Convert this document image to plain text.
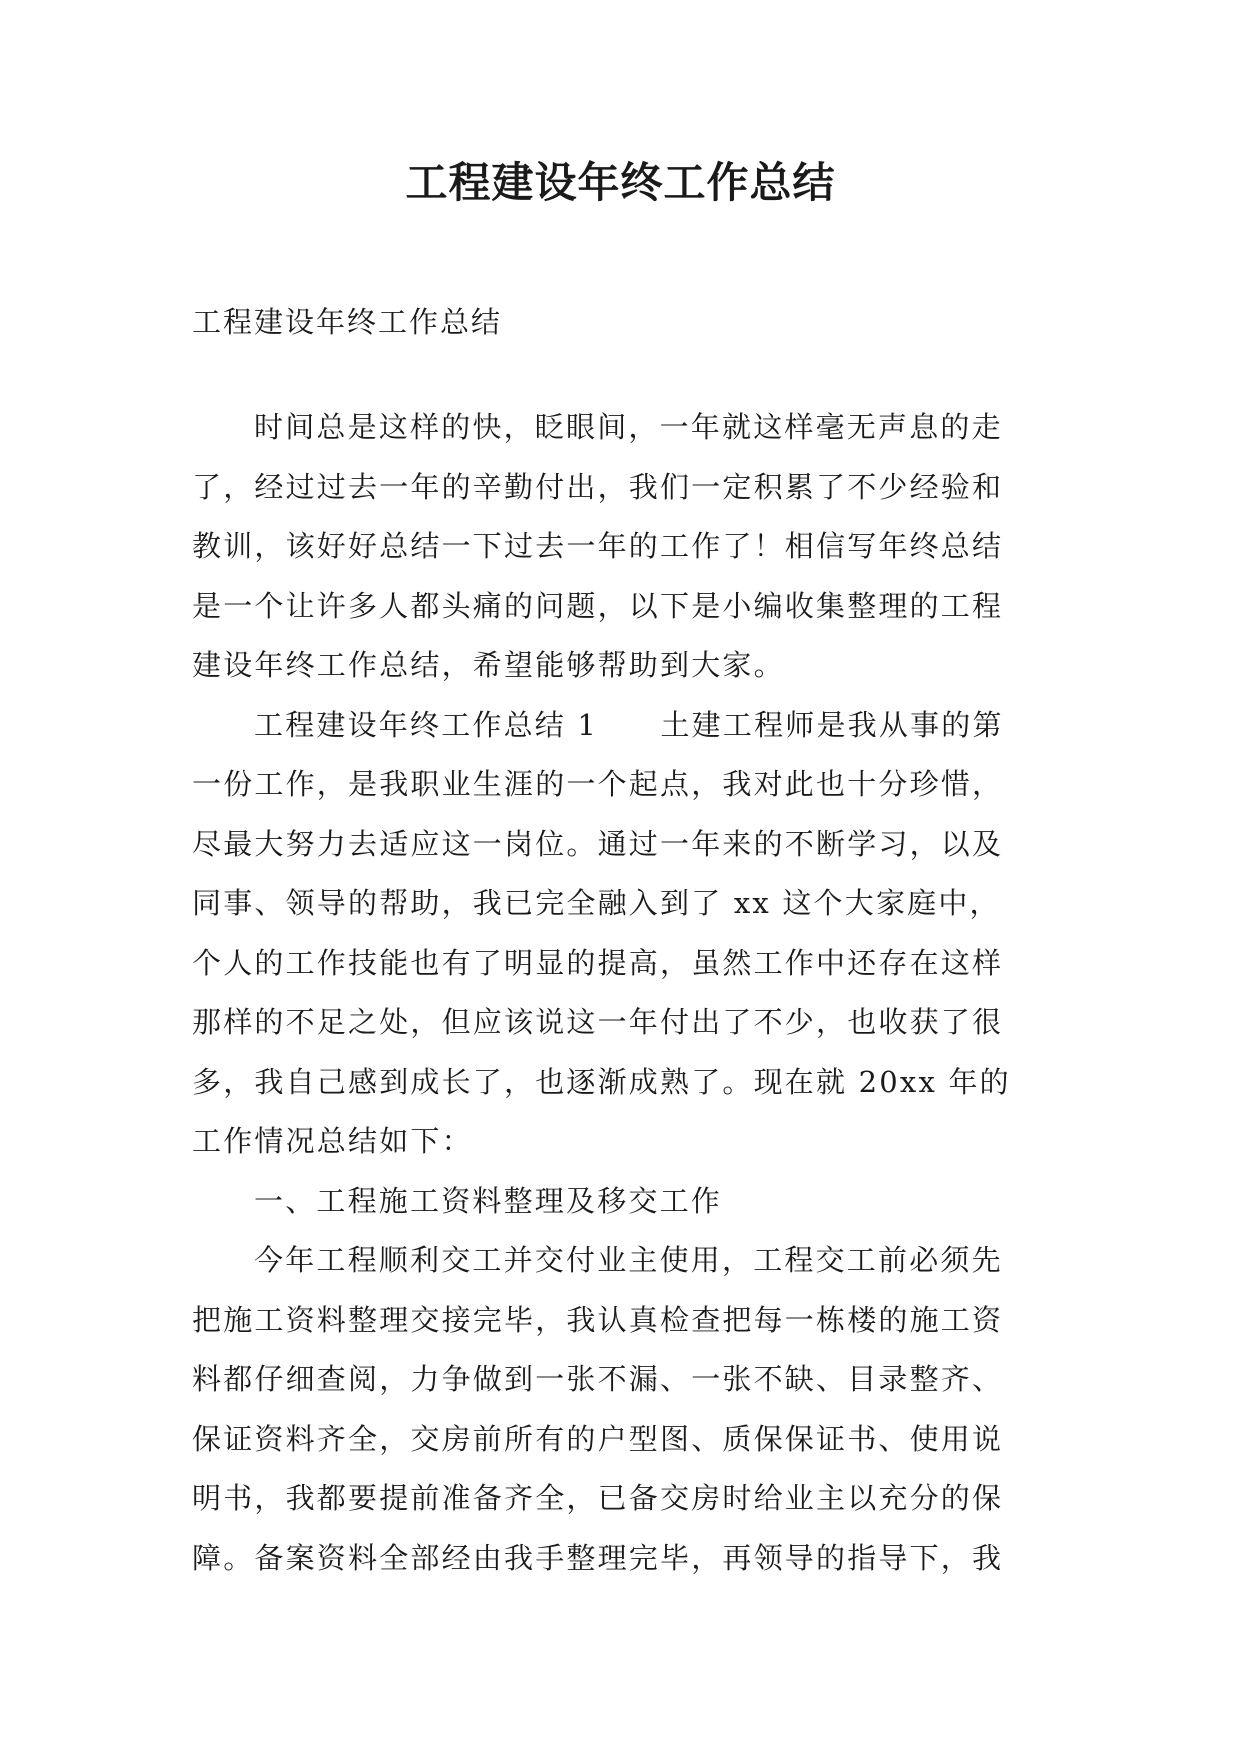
工程建设年终工作总结
工程建设年终工作总结
时间总是这样的快，眨眼间，一年就这样毫无声息的走
了，经过过去一年的辛勤付出，我们一定积累了不少经验和
教训，该好好总结一下过去一年的工作了！相信写年终总结
是一个让许多人都头痛的问题，以下是小编收集整理的工程
建设年终工作总结，希望能够帮助到大家。
工程建设年终工作总结 1　　土建工程师是我从事的第
一份工作，是我职业生涯的一个起点，我对此也十分珍惜，
尽最大努力去适应这一岗位。通过一年来的不断学习，以及
同事、领导的帮助，我已完全融入到了 xx 这个大家庭中，
个人的工作技能也有了明显的提高，虽然工作中还存在这样
那样的不足之处，但应该说这一年付出了不少，也收获了很
多，我自己感到成长了，也逐渐成熟了。现在就 20xx 年的
工作情况总结如下：
一、工程施工资料整理及移交工作
今年工程顺利交工并交付业主使用，工程交工前必须先
把施工资料整理交接完毕，我认真检查把每一栋楼的施工资
料都仔细查阅，力争做到一张不漏、一张不缺、目录整齐、
保证资料齐全，交房前所有的户型图、质保保证书、使用说
明书，我都要提前准备齐全，已备交房时给业主以充分的保
障。备案资料全部经由我手整理完毕，再领导的指导下，我
